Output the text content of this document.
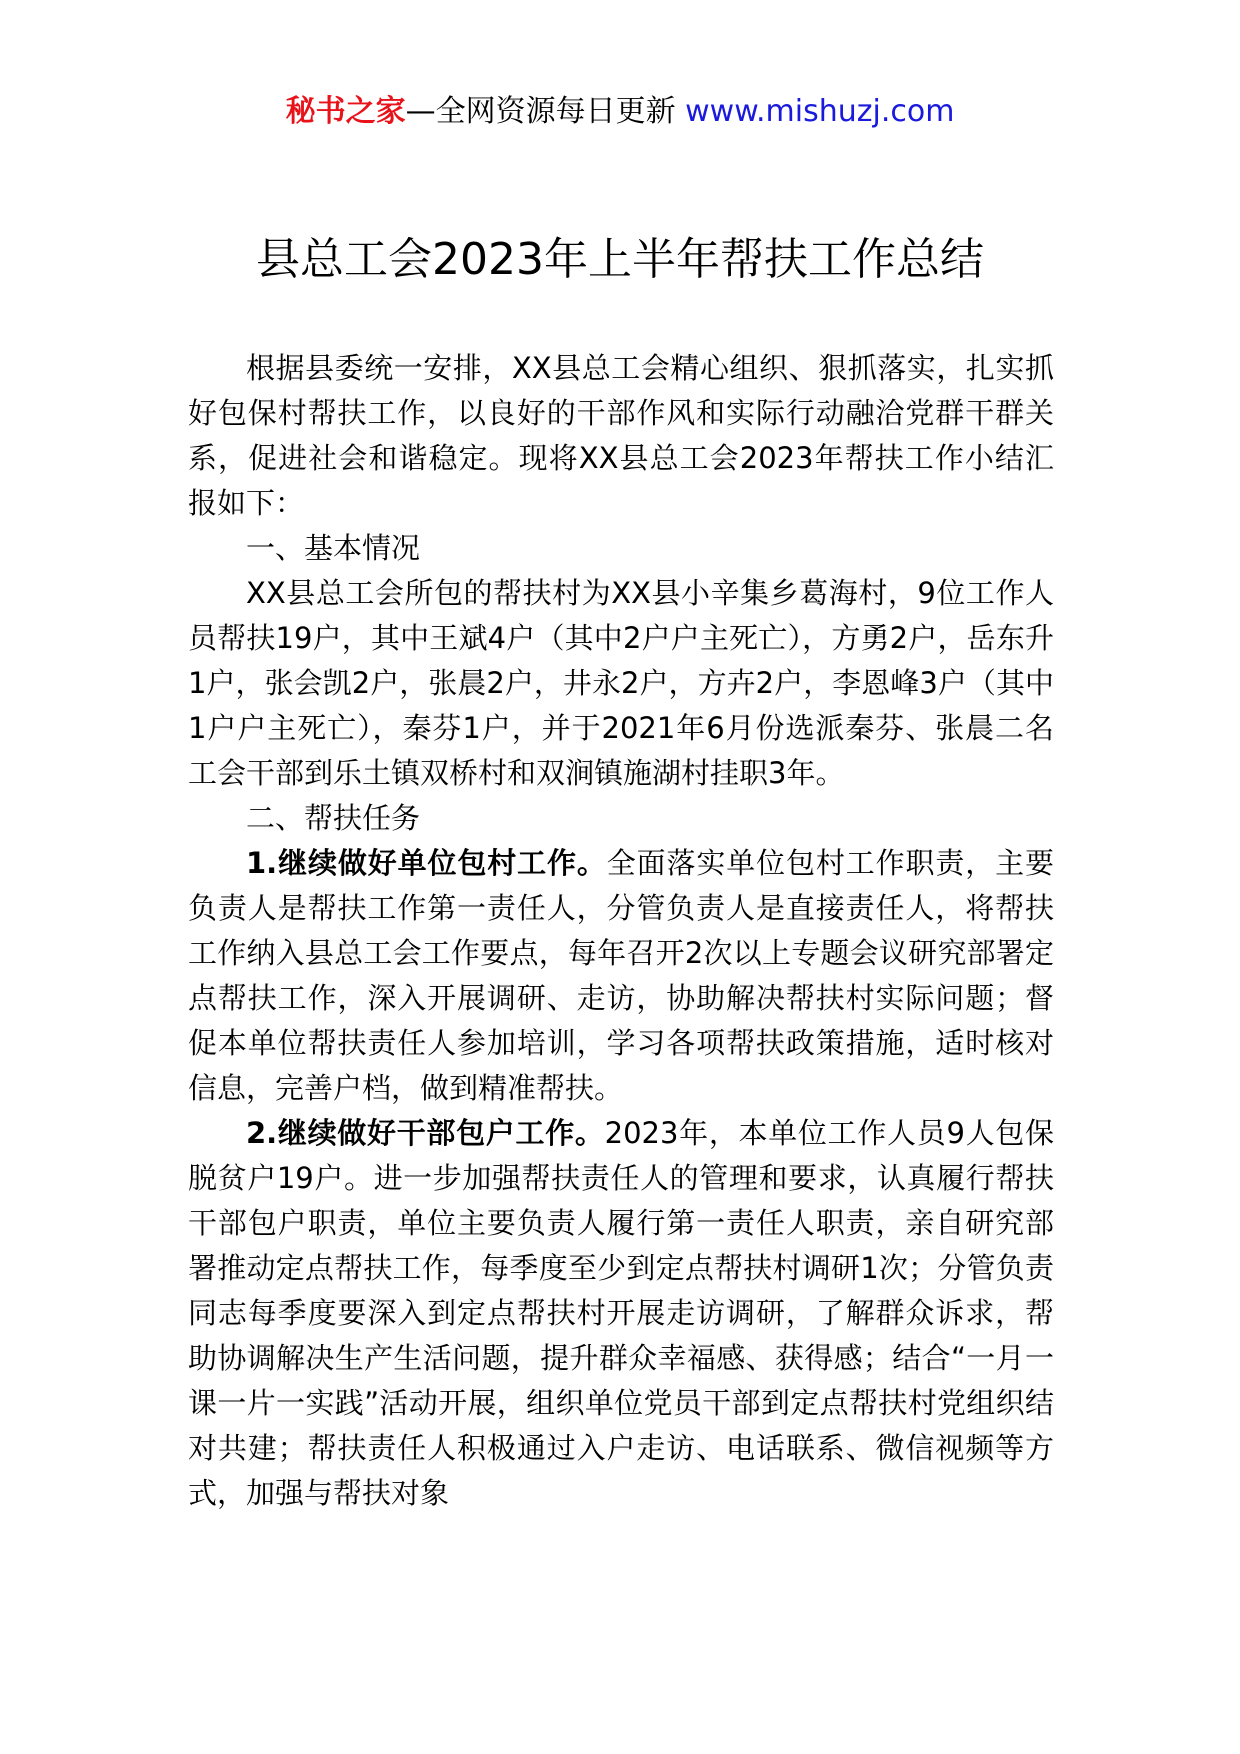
秘书之家—全网资源每日更新 www.mishuzj.com
县总工会2023年上半年帮扶工作总结

根据县委统一安排，XX县总工会精心组织、狠抓落实，扎实抓好包保村帮扶工作，以良好的干部作风和实际行动融洽党群干群关系，促进社会和谐稳定。现将XX县总工会2023年帮扶工作小结汇报如下：

一、基本情况

XX县总工会所包的帮扶村为XX县小辛集乡葛海村，9位工作人员帮扶19户，其中王斌4户（其中2户户主死亡），方勇2户，岳东升1户，张会凯2户，张晨2户，井永2户，方卉2户，李恩峰3户（其中1户户主死亡），秦芬1户，并于2021年6月份选派秦芬、张晨二名工会干部到乐土镇双桥村和双涧镇施湖村挂职3年。

二、帮扶任务

1.继续做好单位包村工作。全面落实单位包村工作职责，主要负责人是帮扶工作第一责任人，分管负责人是直接责任人，将帮扶工作纳入县总工会工作要点，每年召开2次以上专题会议研究部署定点帮扶工作，深入开展调研、走访，协助解决帮扶村实际问题；督促本单位帮扶责任人参加培训，学习各项帮扶政策措施，适时核对信息，完善户档，做到精准帮扶。

2.继续做好干部包户工作。2023年，本单位工作人员9人包保脱贫户19户。进一步加强帮扶责任人的管理和要求，认真履行帮扶干部包户职责，单位主要负责人履行第一责任人职责，亲自研究部署推动定点帮扶工作，每季度至少到定点帮扶村调研1次；分管负责同志每季度要深入到定点帮扶村开展走访调研，了解群众诉求，帮助协调解决生产生活问题，提升群众幸福感、获得感；结合“一月一课一片一实践”活动开展，组织单位党员干部到定点帮扶村党组织结对共建；帮扶责任人积极通过入户走访、电话联系、微信视频等方式，加强与帮扶对象
